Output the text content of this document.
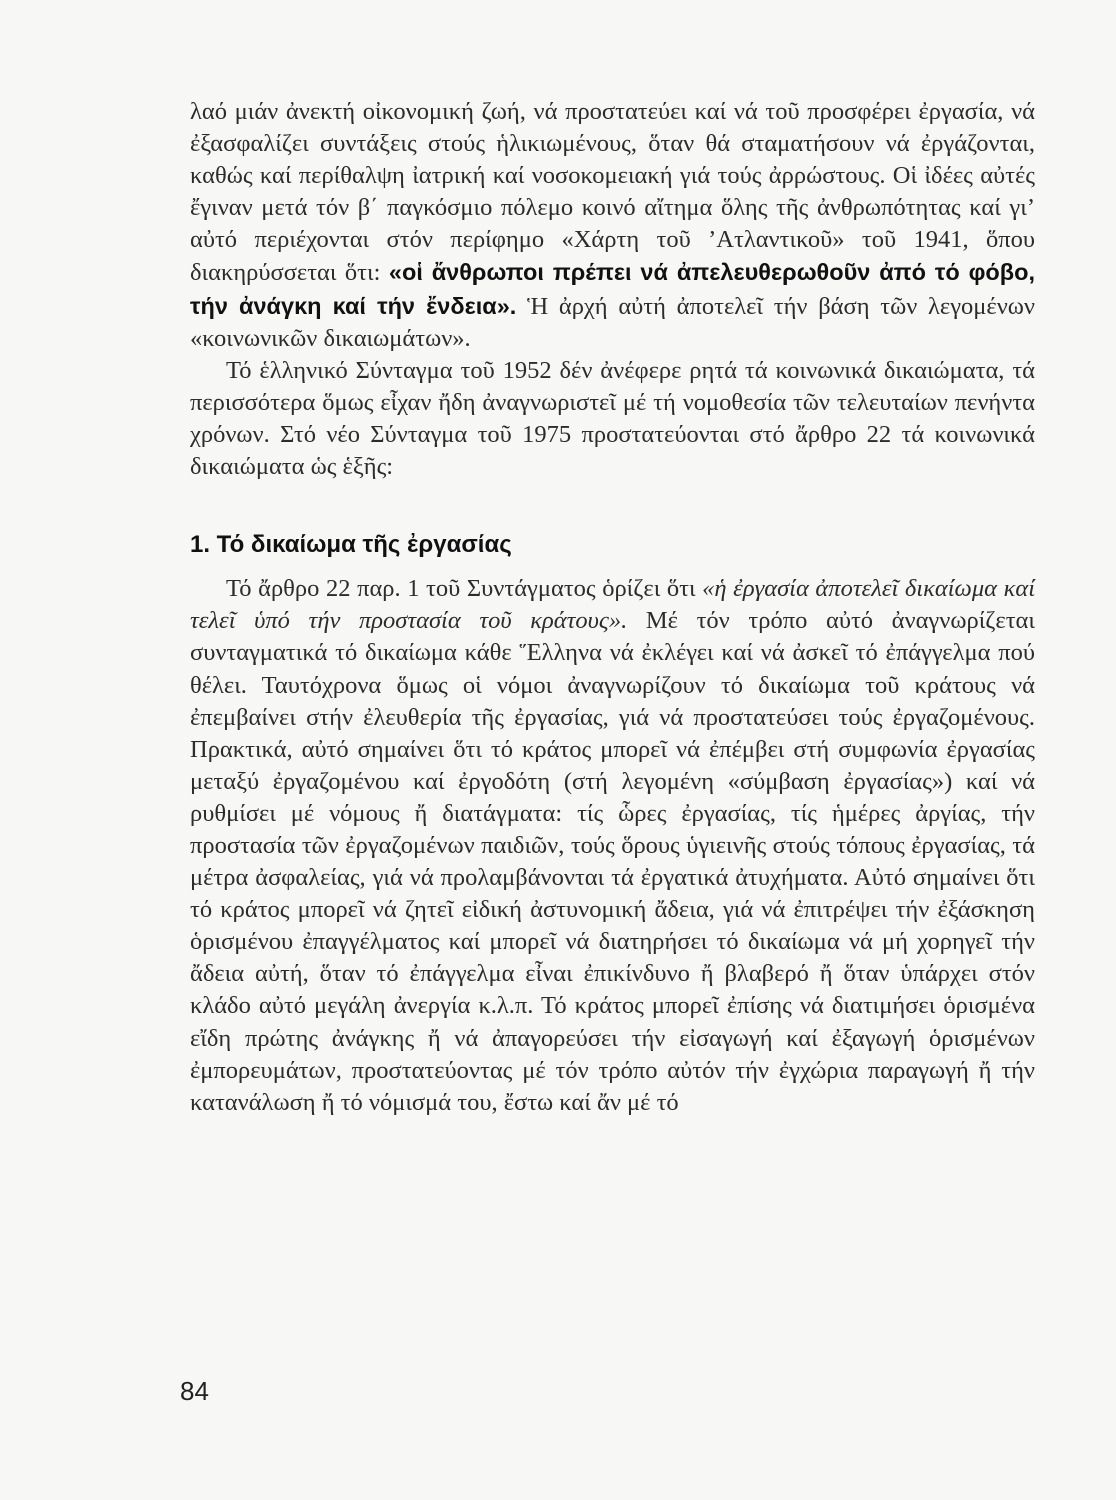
λαό μιάν ἀνεκτή οἰκονομική ζωή, νά προστατεύει καί νά τοῦ προσφέρει ἐργασία, νά ἐξασφαλίζει συντάξεις στούς ἡλικιωμένους, ὅταν θά σταματήσουν νά ἐργάζονται, καθώς καί περίθαλψη ἰατρική καί νοσοκομειακή γιά τούς ἀρρώστους. Οἱ ἰδέες αὐτές ἔγιναν μετά τόν β΄ παγκόσμιο πόλεμο κοινό αἴτημα ὅλης τῆς ἀνθρωπότητας καί γι’ αὐτό περιέχονται στόν περίφημο «Χάρτη τοῦ ’Ατλαντικοῦ» τοῦ 1941, ὅπου διακηρύσσεται ὅτι: «οἱ ἄνθρωποι πρέπει νά ἀπελευθερωθοῦν ἀπό τό φόβο, τήν ἀνάγκη καί τήν ἔνδεια». Ἡ ἀρχή αὐτή ἀποτελεῖ τήν βάση τῶν λεγομένων «κοινωνικῶν δικαιωμάτων».

Τό ἑλληνικό Σύνταγμα τοῦ 1952 δέν ἀνέφερε ρητά τά κοινωνικά δικαιώματα, τά περισσότερα ὅμως εἶχαν ἤδη ἀναγνωριστεῖ μέ τή νομοθεσία τῶν τελευταίων πενήντα χρόνων. Στό νέο Σύνταγμα τοῦ 1975 προστατεύονται στό ἄρθρο 22 τά κοινωνικά δικαιώματα ὡς ἑξῆς:

1. Τό δικαίωμα τῆς ἐργασίας

Τό ἄρθρο 22 παρ. 1 τοῦ Συντάγματος ὁρίζει ὅτι «ἡ ἐργασία ἀποτελεῖ δικαίωμα καί τελεῖ ὑπό τήν προστασία τοῦ κράτους». Μέ τόν τρόπο αὐτό ἀναγνωρίζεται συνταγματικά τό δικαίωμα κάθε Ἕλληνα νά ἐκλέγει καί νά ἀσκεῖ τό ἐπάγγελμα πού θέλει. Ταυτόχρονα ὅμως οἱ νόμοι ἀναγνωρίζουν τό δικαίωμα τοῦ κράτους νά ἐπεμβαίνει στήν ἐλευθερία τῆς ἐργασίας, γιά νά προστατεύσει τούς ἐργαζομένους. Πρακτικά, αὐτό σημαίνει ὅτι τό κράτος μπορεῖ νά ἐπέμβει στή συμφωνία ἐργασίας μεταξύ ἐργαζομένου καί ἐργοδότη (στή λεγομένη «σύμβαση ἐργασίας») καί νά ρυθμίσει μέ νόμους ἤ διατάγματα: τίς ὧρες ἐργασίας, τίς ἡμέρες ἀργίας, τήν προστασία τῶν ἐργαζομένων παιδιῶν, τούς ὅρους ὑγιεινῆς στούς τόπους ἐργασίας, τά μέτρα ἀσφαλείας, γιά νά προλαμβάνονται τά ἐργατικά ἀτυχήματα. Αὐτό σημαίνει ὅτι τό κράτος μπορεῖ νά ζητεῖ εἰδική ἀστυνομική ἄδεια, γιά νά ἐπιτρέψει τήν ἐξάσκηση ὁρισμένου ἐπαγγέλματος καί μπορεῖ νά διατηρήσει τό δικαίωμα νά μή χορηγεῖ τήν ἄδεια αὐτή, ὅταν τό ἐπάγγελμα εἶναι ἐπικίνδυνο ἤ βλαβερό ἤ ὅταν ὑπάρχει στόν κλάδο αὐτό μεγάλη ἀνεργία κ.λ.π. Τό κράτος μπορεῖ ἐπίσης νά διατιμήσει ὁρισμένα εἴδη πρώτης ἀνάγκης ἤ νά ἀπαγορεύσει τήν εἰσαγωγή καί ἐξαγωγή ὁρισμένων ἐμπορευμάτων, προστατεύοντας μέ τόν τρόπο αὐτόν τήν ἐγχώρια παραγωγή ἤ τήν κατανάλωση ἤ τό νόμισμά του, ἔστω καί ἄν μέ τό

84
